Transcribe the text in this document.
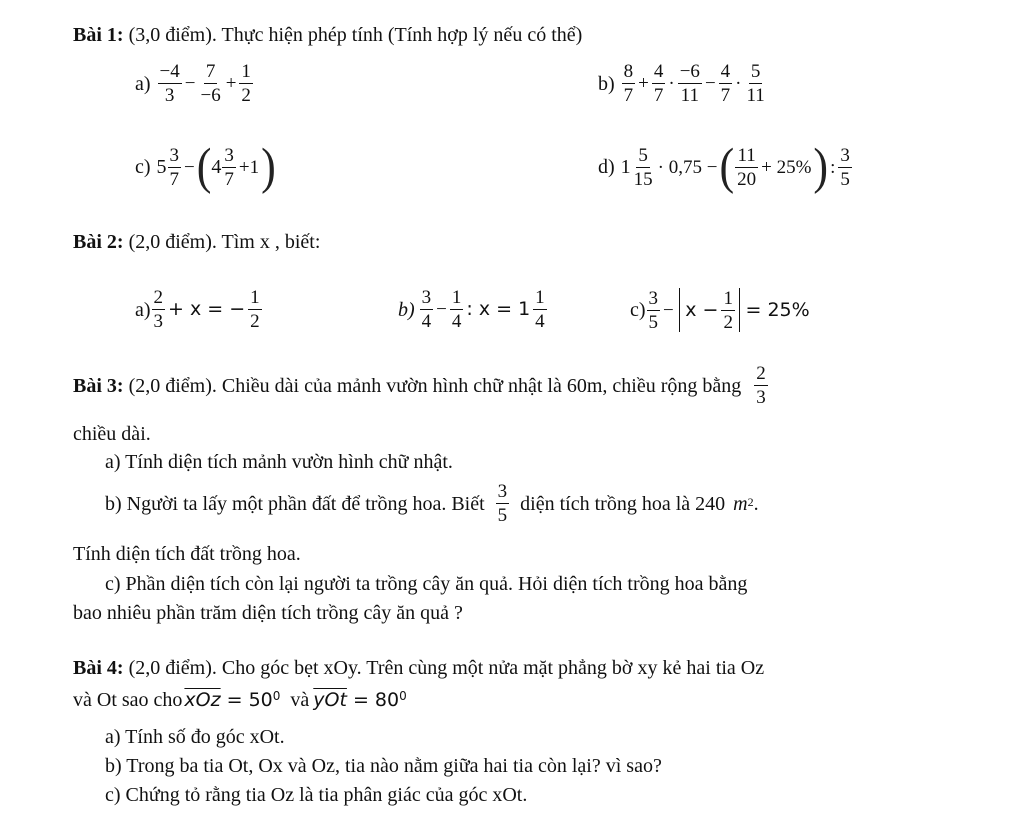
Bài 1: (3,0 điểm). Thực hiện phép tính (Tính hợp lý nếu có thể)
$a) \frac{-4}{3} - \frac{7}{-6} + \frac{1}{2}$	$b) \frac{8}{7} + \frac{4}{7} \cdot \frac{-6}{11} - \frac{4}{7} \cdot \frac{5}{11}$
c) $5 \frac{3}{7}$ − ( $4 \frac{3}{7} +1$ )	d) $1 \frac{5}{15} \cdot 0,75$ − ( $\frac{11}{20} + 25\%$ ) : $\frac{3}{5}$
Bài 2: (2,0 điểm). Tìm x , biết:
$a) \frac{2}{3} + x$ = − $\frac{1}{2}$	$b) \frac{3}{4} - \frac{1}{4}$ : $x = 1 \frac{1}{4}$	$c) \frac{3}{5} - x - \frac{1}{2} = 25\%$
Bài 3: (2,0 điểm). Chiều dài của mảnh vườn hình chữ nhật là 60m, chiều rộng bằng $\frac{2}{3}$
chiều dài.
a) Tính diện tích mảnh vườn hình chữ nhật.
b) Người ta lấy một phần đất để trồng hoa. Biết $\frac{3}{5}$ diện tích trồng hoa là 240 m 2 .
Tính diện tích đất trồng hoa.
c) Phần diện tích còn lại người ta trồng cây ăn quả. Hỏi diện tích trồng hoa bằng
bao nhiêu phần trăm diện tích trồng cây ăn quả ?
Bài 4: (2,0 điểm). Cho góc bẹt xOy. Trên cùng một nửa mặt phẳng bờ xy kẻ hai tia Oz
và Ot sao cho $\overline{xOz} = 50^0$ và $\overline{yOt} = 80^0$
a) Tính số đo góc xOt.
b) Trong ba tia Ot, Ox và Oz, tia nào nằm giữa hai tia còn lại? vì sao?
c) Chứng tỏ rằng tia Oz là tia phân giác của góc xOt.
